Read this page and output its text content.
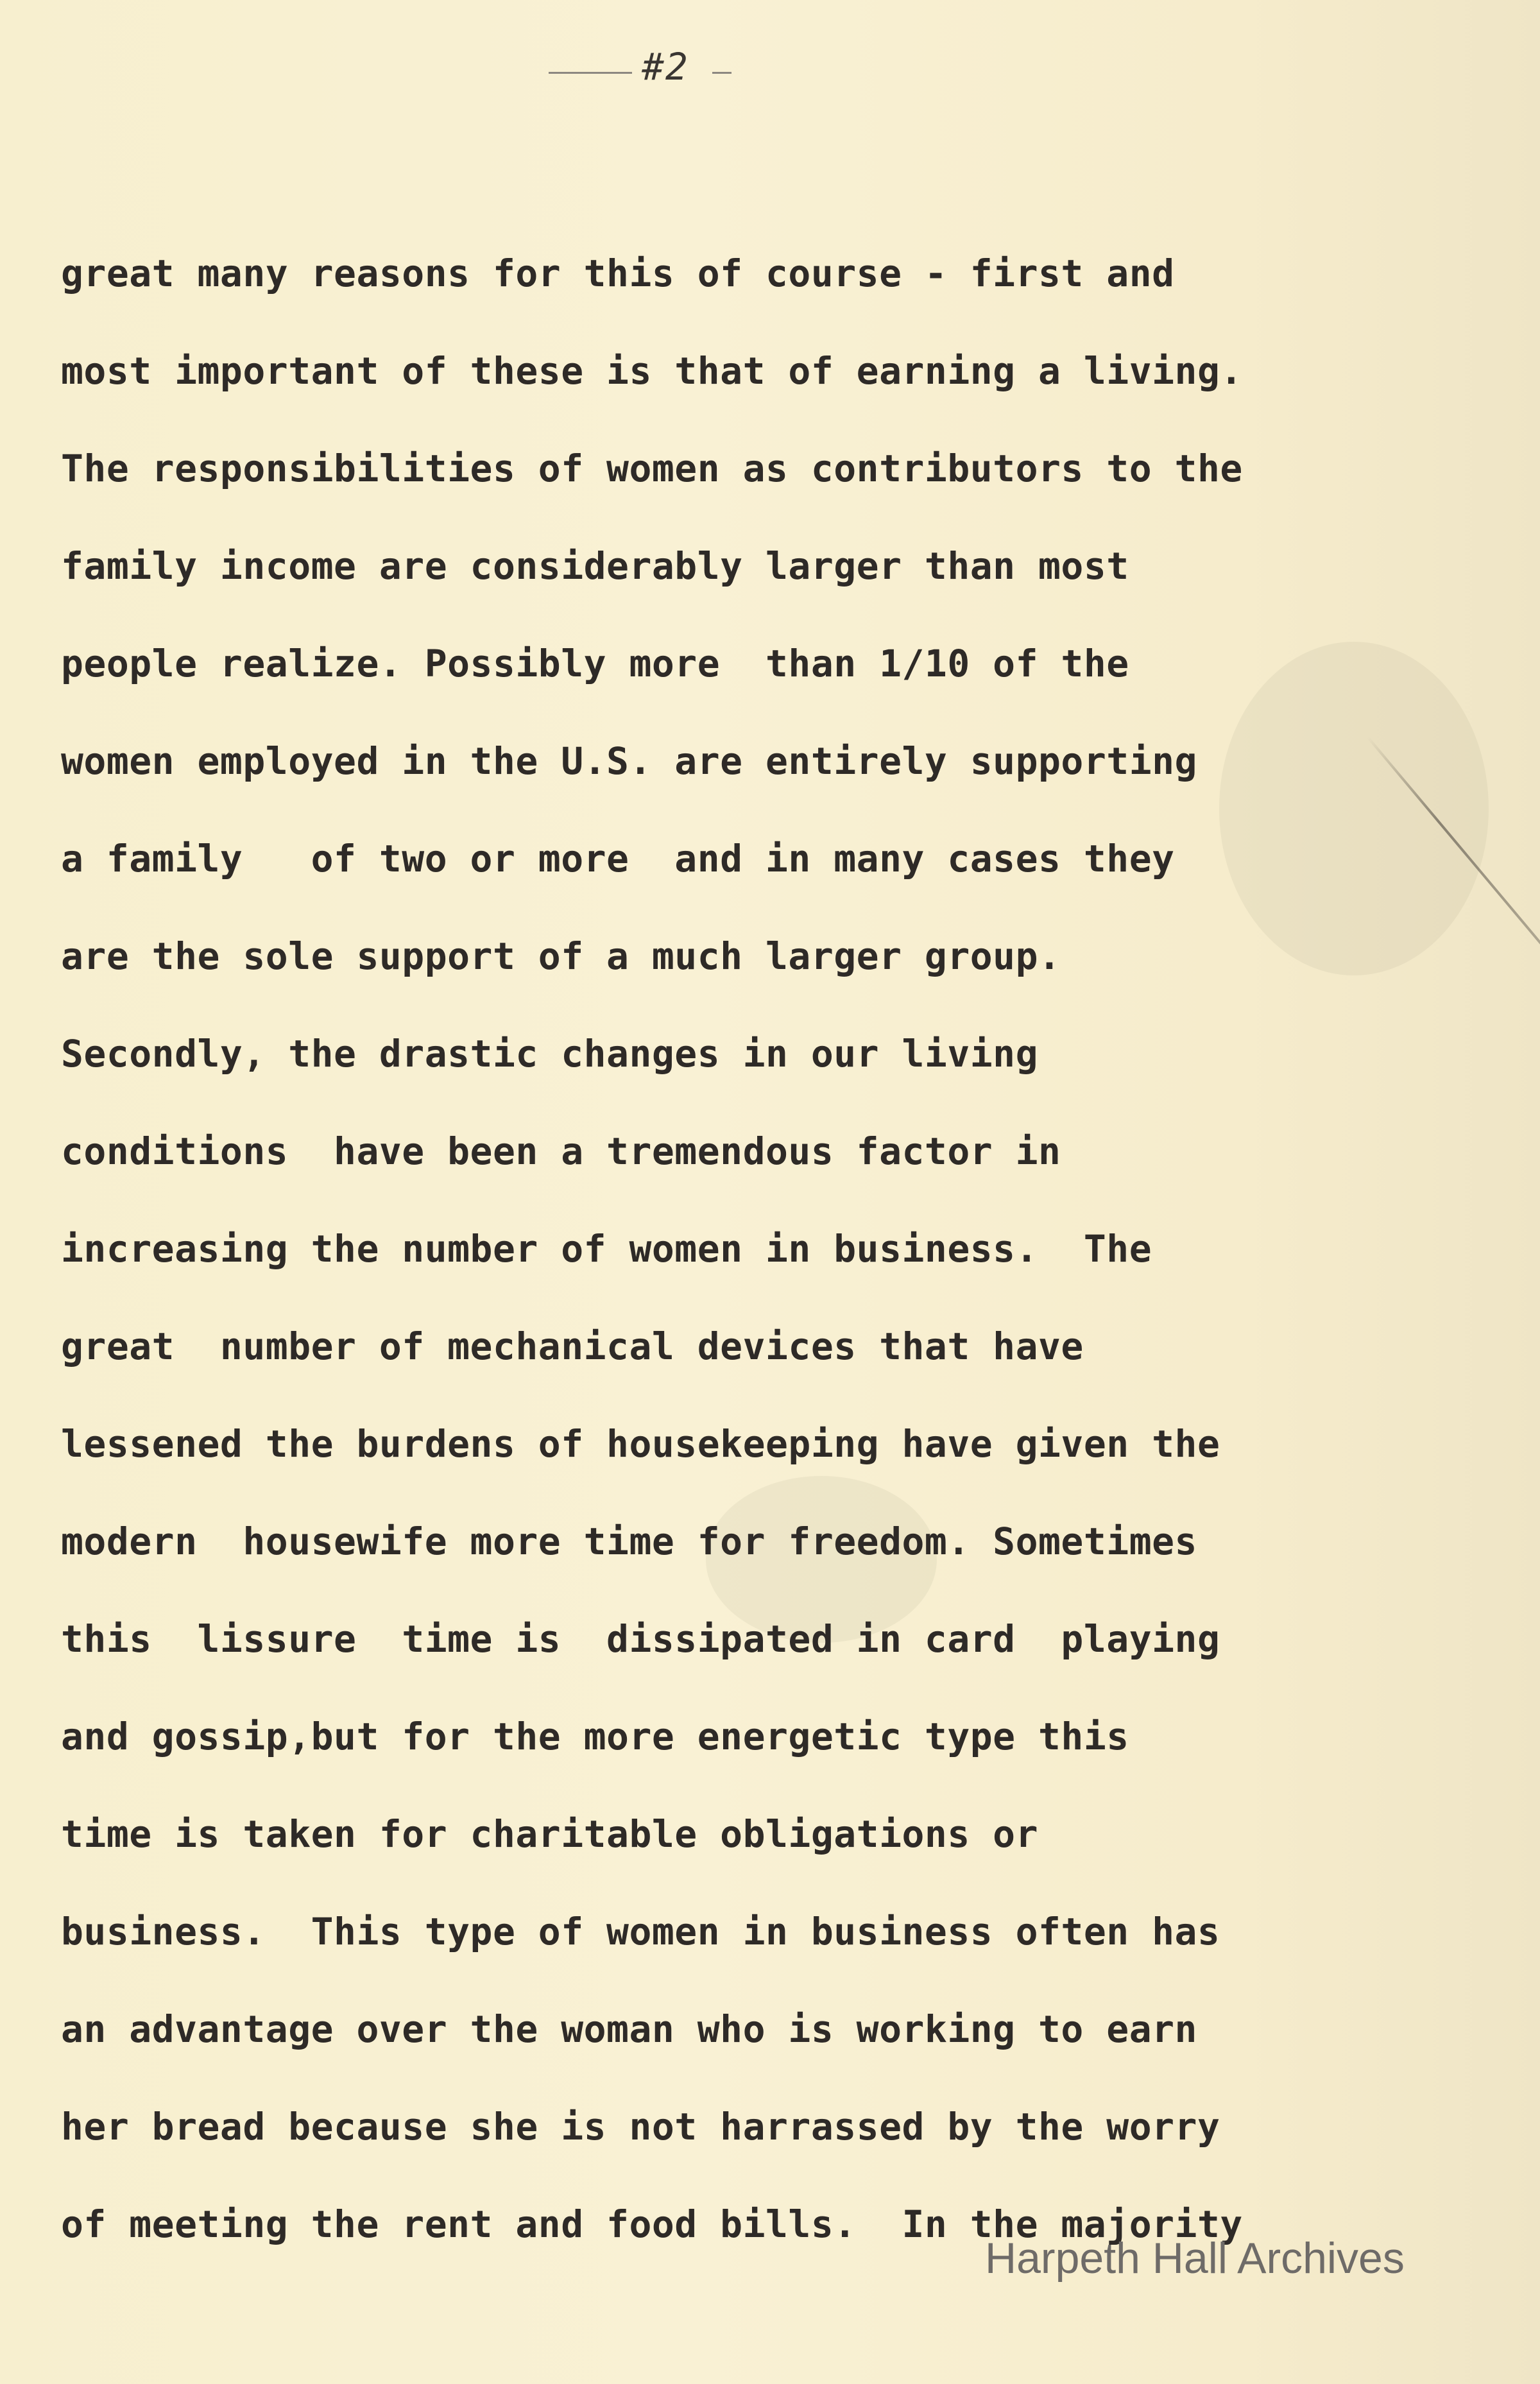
#2
great many reasons for this of course - first and
most important of these is that of earning a living.
The responsibilities of women as contributors to the
family income are considerably larger than most
people realize. Possibly more  than 1/10 of the
women employed in the U.S. are entirely supporting
a family   of two or more  and in many cases they
are the sole support of a much larger group.
Secondly, the drastic changes in our living
conditions  have been a tremendous factor in
increasing the number of women in business.  The
great  number of mechanical devices that have
lessened the burdens of housekeeping have given the
modern  housewife more time for freedom. Sometimes
this  lissure  time is  dissipated in card  playing
and gossip,but for the more energetic type this
time is taken for charitable obligations or
business.  This type of women in business often has
an advantage over the woman who is working to earn
her bread because she is not harrassed by the worry
of meeting the rent and food bills.  In the majority
Harpeth Hall Archives
